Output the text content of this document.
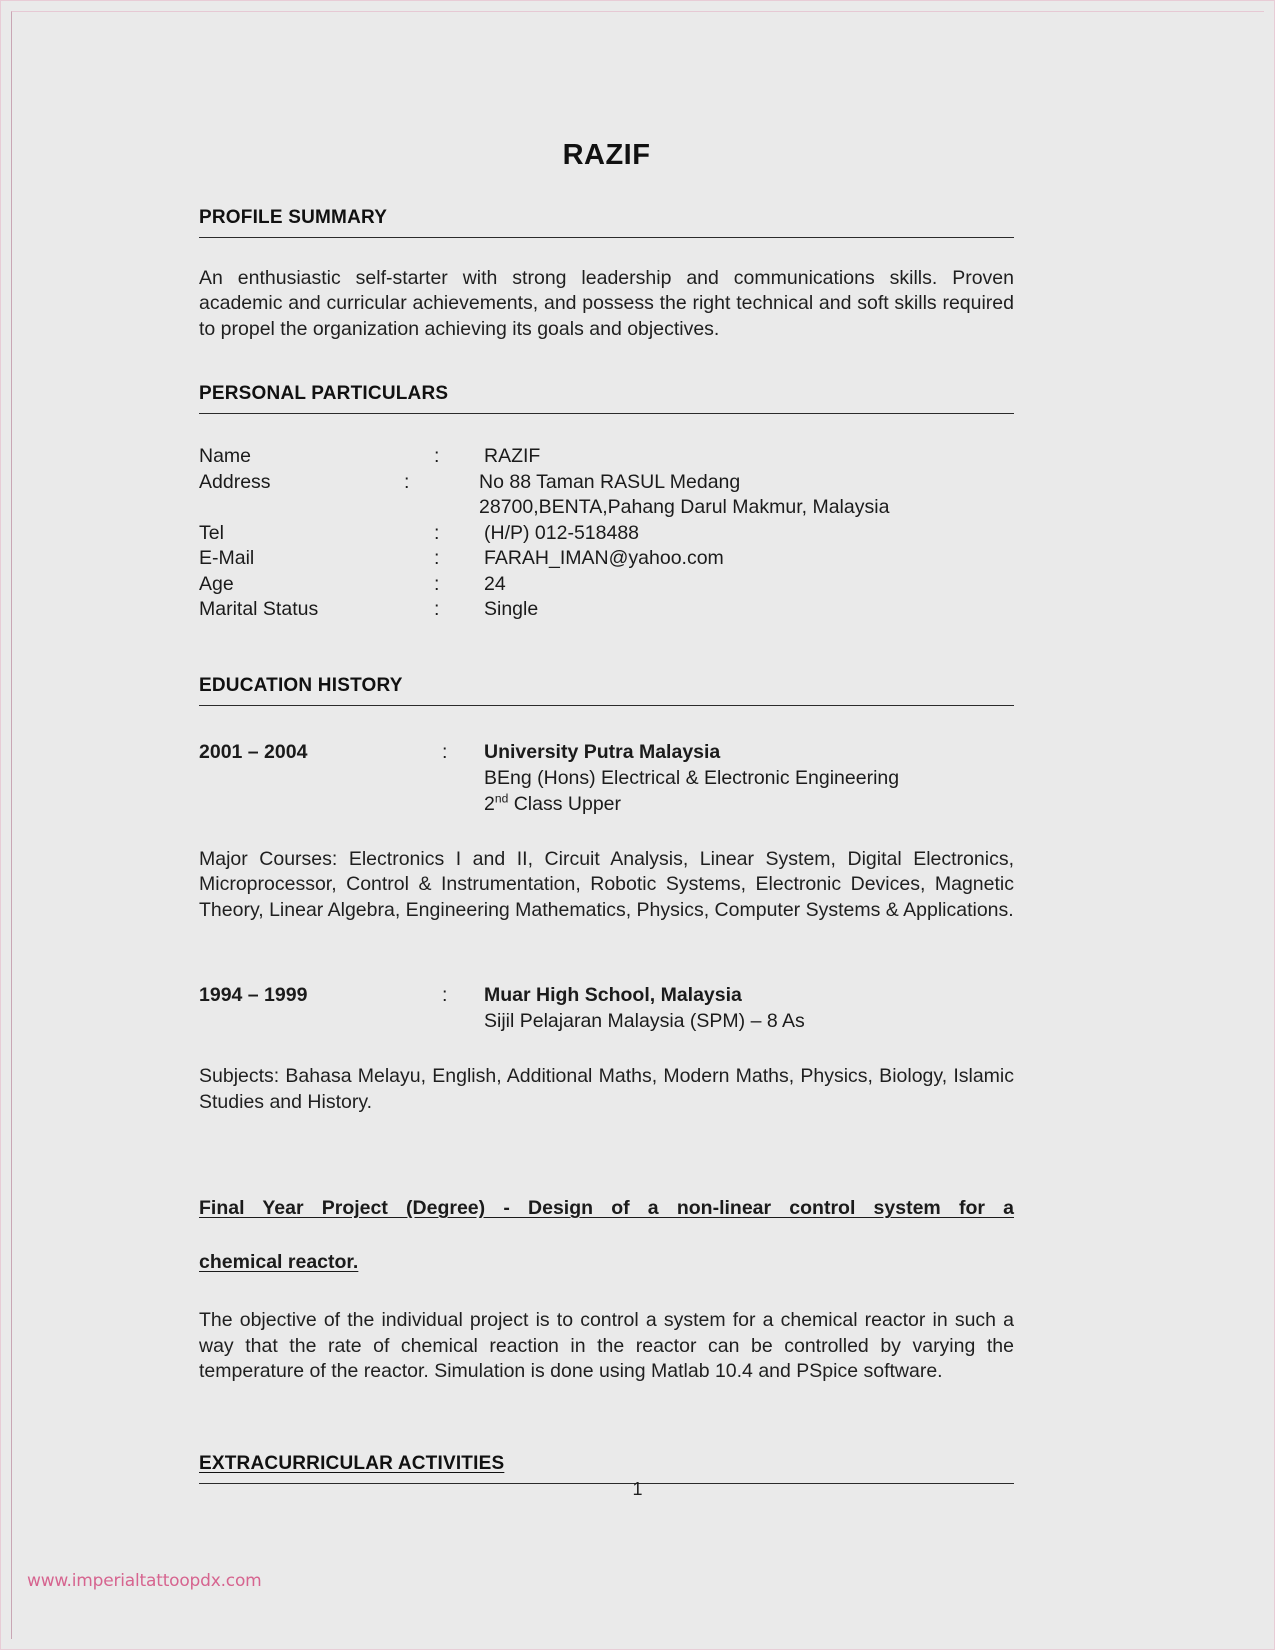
RAZIF
PROFILE SUMMARY
An enthusiastic self-starter with strong leadership and communications skills. Proven academic and curricular achievements, and possess the right technical and soft skills required to propel the organization achieving its goals and objectives.
PERSONAL PARTICULARS
Name	: RAZIF
Address	:	No 88 Taman RASUL Medang
28700,BENTA,Pahang Darul Makmur, Malaysia
Tel	: (H/P) 012-518488
E-Mail	: FARAH_IMAN@yahoo.com
Age	: 24
Marital Status	: Single
EDUCATION HISTORY
2001 – 2004	: University Putra Malaysia
BEng (Hons) Electrical & Electronic Engineering
2nd Class Upper
Major Courses: Electronics I and II, Circuit Analysis, Linear System, Digital Electronics, Microprocessor, Control & Instrumentation, Robotic Systems, Electronic Devices, Magnetic Theory, Linear Algebra, Engineering Mathematics, Physics, Computer Systems & Applications.
1994 – 1999	: Muar High School, Malaysia
Sijil Pelajaran Malaysia (SPM) – 8 As
Subjects: Bahasa Melayu, English, Additional Maths, Modern Maths, Physics, Biology, Islamic Studies and History.
Final Year Project (Degree) - Design of a non-linear control system for a
chemical reactor.
The objective of the individual project is to control a system for a chemical reactor in such a way that the rate of chemical reaction in the reactor can be controlled by varying the temperature of the reactor. Simulation is done using Matlab 10.4 and PSpice software.
EXTRACURRICULAR ACTIVITIES
1
www.imperialtattoopdx.com
